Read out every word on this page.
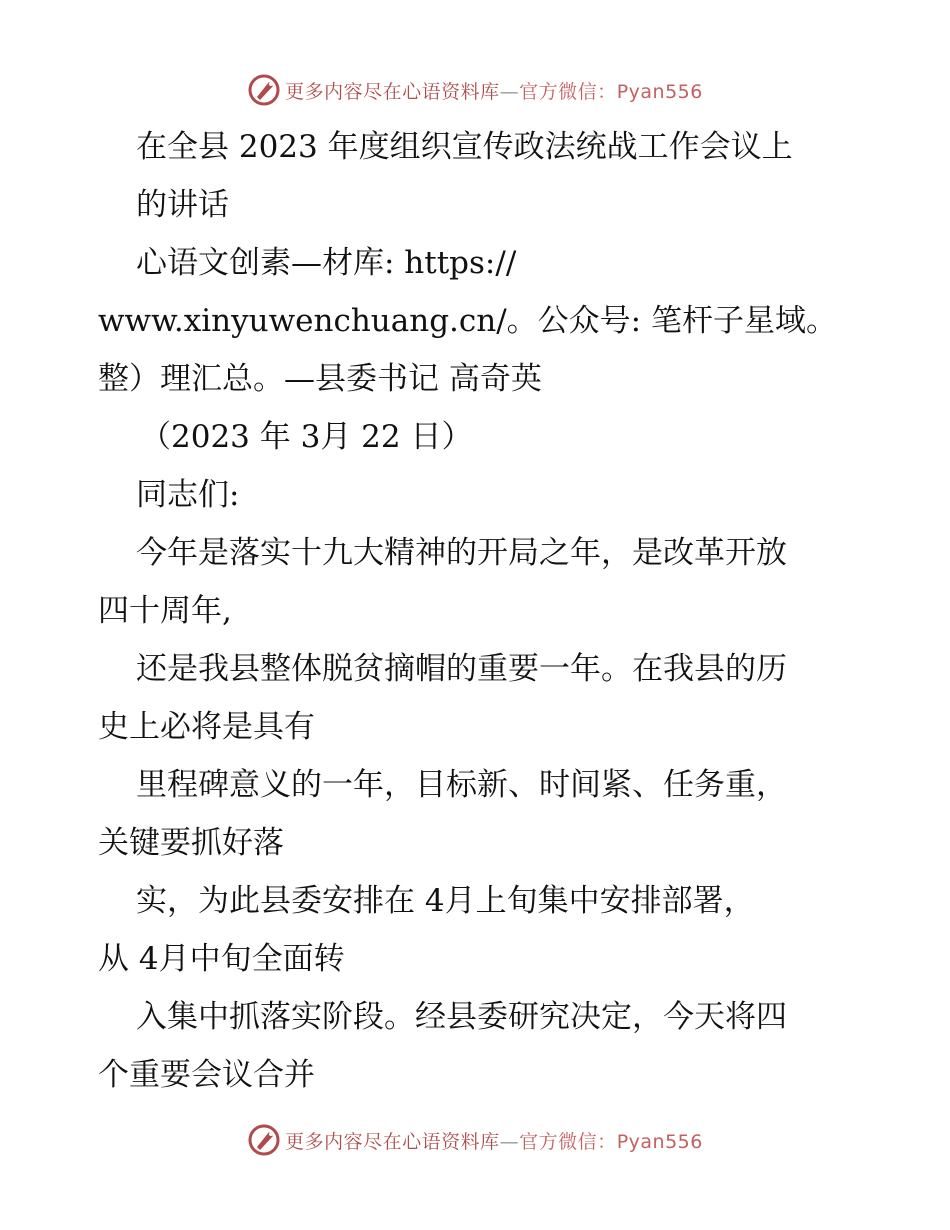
更多内容尽在心语资料库—官方微信：Pyan556
在全县 2023 年度组织宣传政法统战工作会议上
的讲话
心语文创素—材库: https://
www.xinyuwenchuang.cn/。公众号: 笔杆子星域。
整）理汇总。—县委书记 高奇英
（2023 年 3月 22 日）
同志们:
今年是落实十九大精神的开局之年，是改革开放
四十周年,
还是我县整体脱贫摘帽的重要一年。在我县的历
史上必将是具有
里程碑意义的一年，目标新、时间紧、任务重，
关键要抓好落
实，为此县委安排在 4月上旬集中安排部署，
从 4月中旬全面转
入集中抓落实阶段。经县委研究决定，今天将四
个重要会议合并
更多内容尽在心语资料库—官方微信：Pyan556
